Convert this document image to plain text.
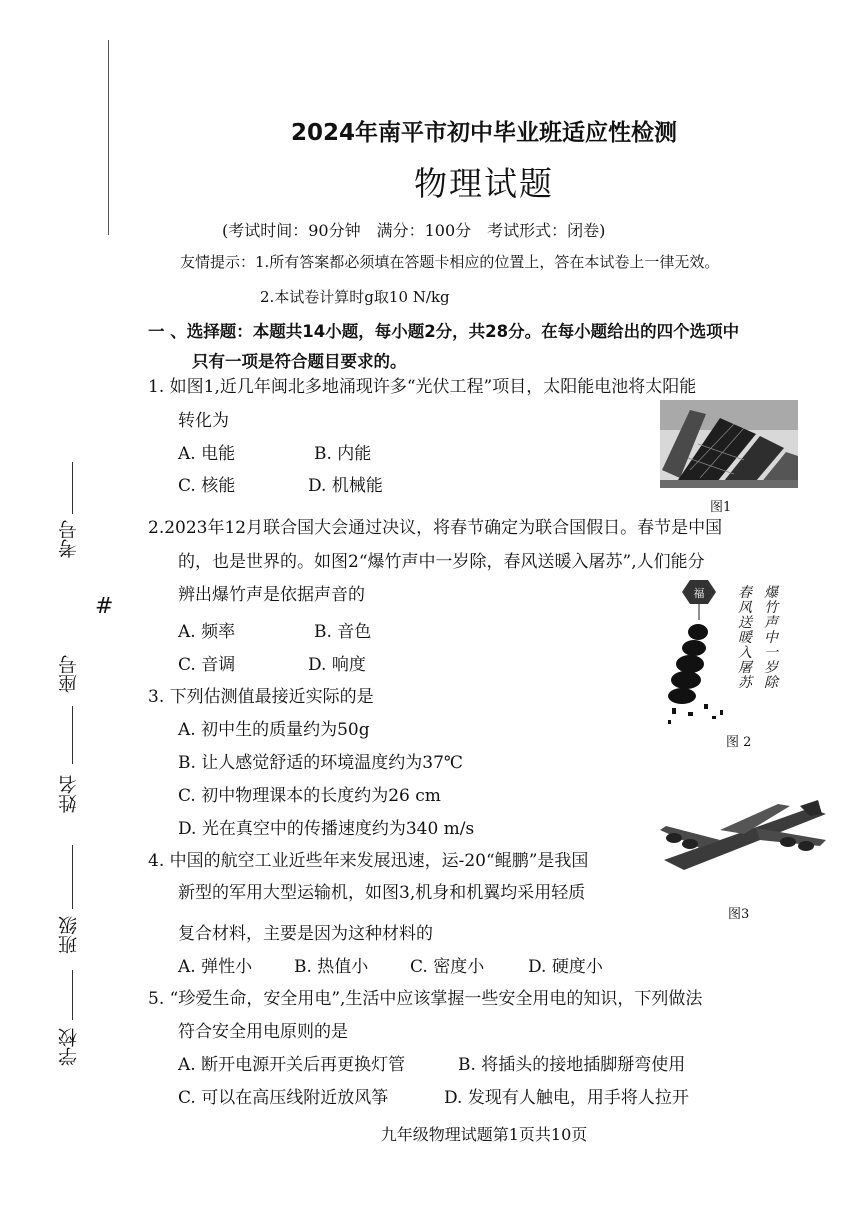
考号
座号
姓名
班级
学校
#
2024年南平市初中毕业班适应性检测
物理试题
(考试时间：90分钟　满分：100分　考试形式：闭卷)
友情提示：1.所有答案都必须填在答题卡相应的位置上，答在本试卷上一律无效。
2.本试卷计算时g取10 N/kg
一 、选择题：本题共14小题，每小题2分，共28分。在每小题给出的四个选项中
只有一项是符合题目要求的。
1. 如图1,近几年闽北多地涌现许多“光伏工程”项目，太阳能电池将太阳能
转化为
A. 电能	B. 内能
C. 核能	D. 机械能
图1
2.2023年12月联合国大会通过决议，将春节确定为联合国假日。春节是中国
的，也是世界的。如图2“爆竹声中一岁除，春风送暖入屠苏”,人们能分
辨出爆竹声是依据声音的
A. 频率	B. 音色
C. 音调	D. 响度
福	爆竹声中一岁除
春风送暖入屠苏
图 2
3. 下列估测值最接近实际的是
A. 初中生的质量约为50g
B. 让人感觉舒适的环境温度约为37℃
C. 初中物理课本的长度约为26 cm
D. 光在真空中的传播速度约为340 m/s
图3
4. 中国的航空工业近些年来发展迅速，运-20“鲲鹏”是我国
新型的军用大型运输机，如图3,机身和机翼均采用轻质
复合材料，主要是因为这种材料的
A. 弹性小 B. 热值小 C. 密度小	D. 硬度小
5. “珍爱生命，安全用电”,生活中应该掌握一些安全用电的知识，下列做法
符合安全用电原则的是
A. 断开电源开关后再更换灯管	B. 将插头的接地插脚掰弯使用
C. 可以在高压线附近放风筝	D. 发现有人触电，用手将人拉开
九年级物理试题第1页共10页
